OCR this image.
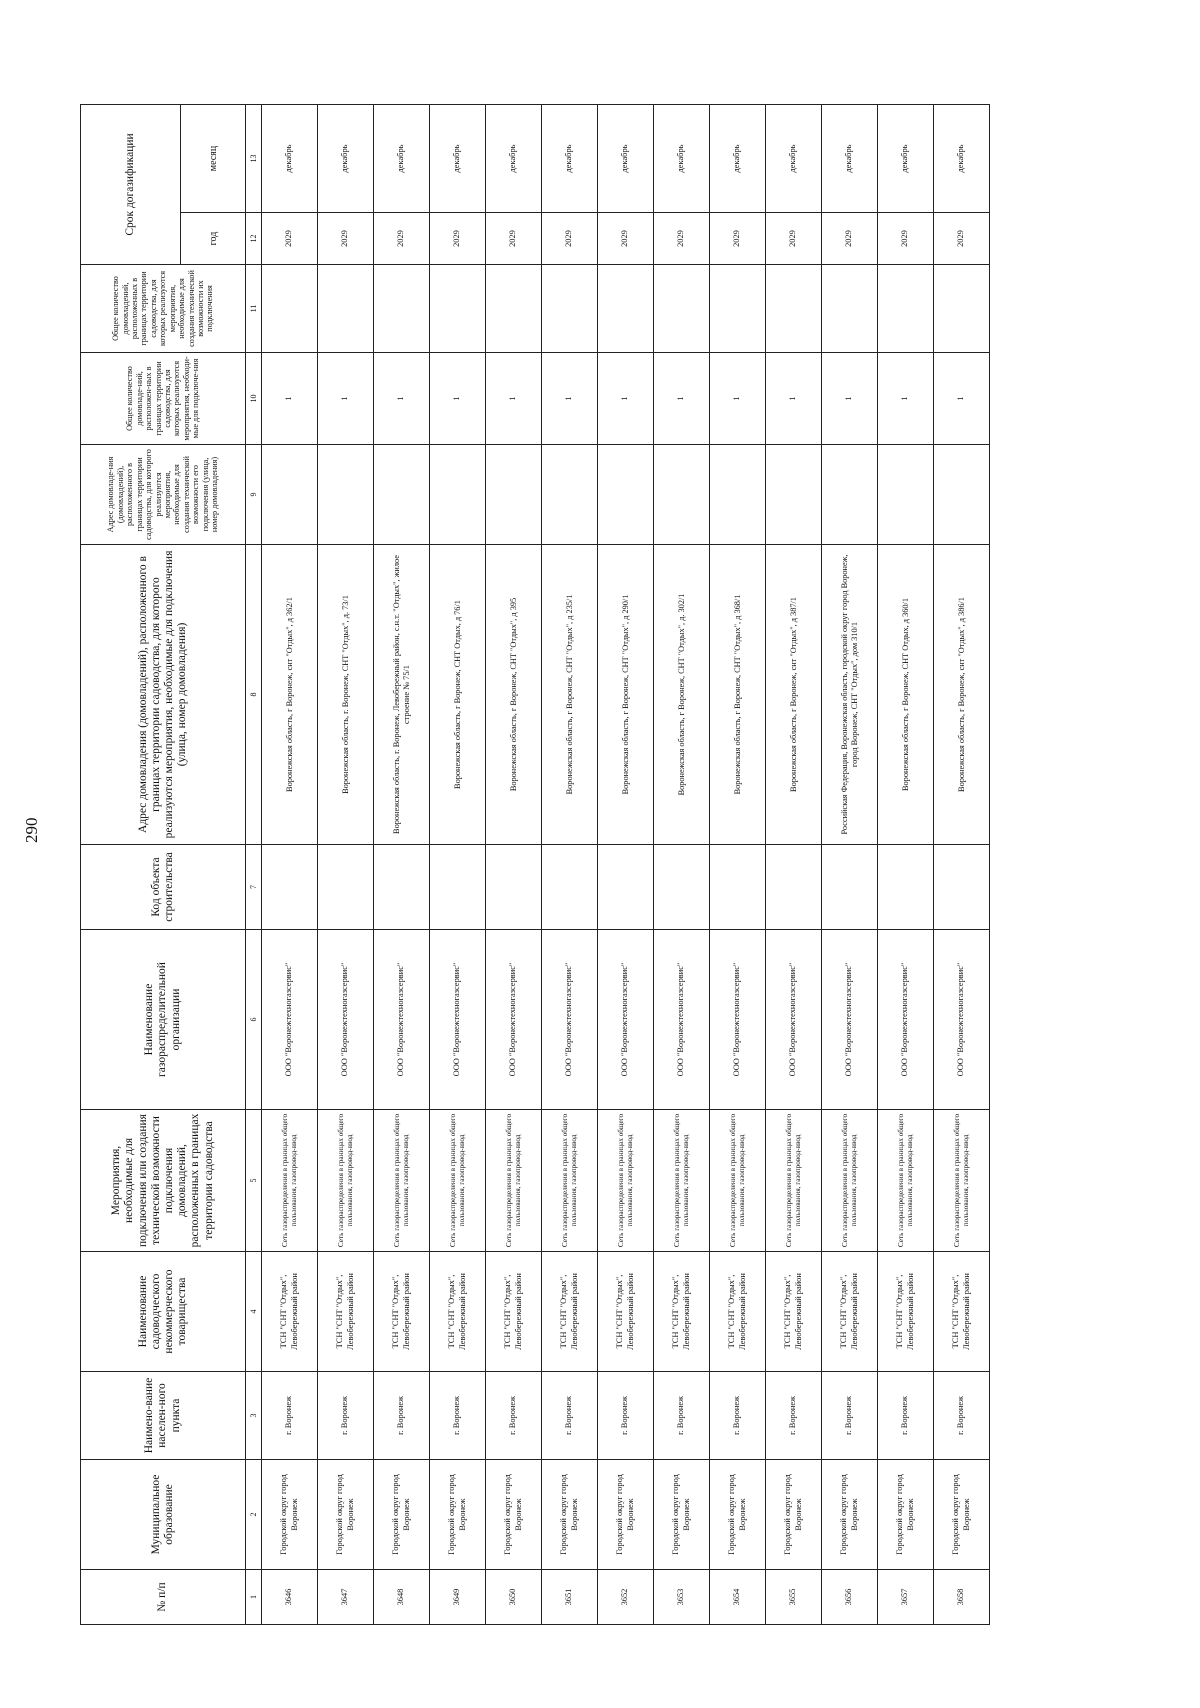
290
№ п/п	Муниципальное образование	Наимено-вание населен-ного пункта	Наименование садоводческого некоммерческого товарищества	Мероприятия, необходимые для подключения или создания технической возможности подключения домовладений, расположенных в границах территории садоводства	Наименование газораспределительной организации	Код объекта строительства	Адрес домовладения (домовладений), расположенного в границах территории садоводства, для которого реализуются мероприятия, необходимые для подключения (улица, номер домовладения)	Адрес домовладе-ния (домовладений), расположенного в границах территории садоводства, для которого реализуются мероприятия, необходимые для создания технической возможности его подключения (улица, номер домовладения)	Общее количество домовладе-ний, расположен-ных в границах территории садоводства, для которых реализуются мероприятия, необходи-мые для подключе-ния	Общее количество домовладений, расположенных в границах территории садоводства, для которых реализуются мероприятия, необходимые для создания технической возможности их подключения	Срок догазификации	
											год	месяц
1	2	3	4	5	6	7	8	9	10	11	12	13
3646	Городской округ город Воронеж	г. Воронеж	ТСН "СНТ "Отдых", Левобережный район	Сеть газораспределения в границах общего пользования, газопровод-ввод	ООО "Воронежтехногазсервис"		Воронежская область, г Воронеж, снт "Отдых", д 362/1		1		2029	декабрь
3647	Городской округ город Воронеж	г. Воронеж	ТСН "СНТ "Отдых", Левобережный район	Сеть газораспределения в границах общего пользования, газопровод-ввод	ООО "Воронежтехногазсервис"		Воронежская область, г. Воронеж, СНТ "Отдых", д. 73/1		1		2029	декабрь
3648	Городской округ город Воронеж	г. Воронеж	ТСН "СНТ "Отдых", Левобережный район	Сеть газораспределения в границах общего пользования, газопровод-ввод	ООО "Воронежтехногазсервис"		Воронежская область, г. Воронеж, Левобережный район, с.н.т. "Отдых", жилое строение № 75/1		1		2029	декабрь
3649	Городской округ город Воронеж	г. Воронеж	ТСН "СНТ "Отдых", Левобережный район	Сеть газораспределения в границах общего пользования, газопровод-ввод	ООО "Воронежтехногазсервис"		Воронежская область, г Воронеж, СНТ Отдых, д 76/1		1		2029	декабрь
3650	Городской округ город Воронеж	г. Воронеж	ТСН "СНТ "Отдых", Левобережный район	Сеть газораспределения в границах общего пользования, газопровод-ввод	ООО "Воронежтехногазсервис"		Воронежская область, г Воронеж, СНТ "Отдых", д 395		1		2029	декабрь
3651	Городской округ город Воронеж	г. Воронеж	ТСН "СНТ "Отдых", Левобережный район	Сеть газораспределения в границах общего пользования, газопровод-ввод	ООО "Воронежтехногазсервис"		Воронежская область, г Воронеж, СНТ "Отдых", д 235/1		1		2029	декабрь
3652	Городской округ город Воронеж	г. Воронеж	ТСН "СНТ "Отдых", Левобережный район	Сеть газораспределения в границах общего пользования, газопровод-ввод	ООО "Воронежтехногазсервис"		Воронежская область, г Воронеж, СНТ "Отдых", д 290/1		1		2029	декабрь
3653	Городской округ город Воронеж	г. Воронеж	ТСН "СНТ "Отдых", Левобережный район	Сеть газораспределения в границах общего пользования, газопровод-ввод	ООО "Воронежтехногазсервис"		Воронежская область, г Воронеж, СНТ "Отдых", д. 302/1		1		2029	декабрь
3654	Городской округ город Воронеж	г. Воронеж	ТСН "СНТ "Отдых", Левобережный район	Сеть газораспределения в границах общего пользования, газопровод-ввод	ООО "Воронежтехногазсервис"		Воронежская область, г Воронеж, СНТ "Отдых", д 368/1		1		2029	декабрь
3655	Городской округ город Воронеж	г. Воронеж	ТСН "СНТ "Отдых", Левобережный район	Сеть газораспределения в границах общего пользования, газопровод-ввод	ООО "Воронежтехногазсервис"		Воронежская область, г Воронеж, снт "Отдых", д 387/1		1		2029	декабрь
3656	Городской округ город Воронеж	г. Воронеж	ТСН "СНТ "Отдых", Левобережный район	Сеть газораспределения в границах общего пользования, газопровод-ввод	ООО "Воронежтехногазсервис"		Российская Федерация, Воронежская область, городской округ город Воронеж, город Воронеж, СНТ "Отдых", дом 310/1		1		2029	декабрь
3657	Городской округ город Воронеж	г. Воронеж	ТСН "СНТ "Отдых", Левобережный район	Сеть газораспределения в границах общего пользования, газопровод-ввод	ООО "Воронежтехногазсервис"		Воронежская область, г Воронеж, СНТ Отдых, д 360/1		1		2029	декабрь
3658	Городской округ город Воронеж	г. Воронеж	ТСН "СНТ "Отдых", Левобережный район	Сеть газораспределения в границах общего пользования, газопровод-ввод	ООО "Воронежтехногазсервис"		Воронежская область, г Воронеж, снт "Отдых", д 386/1		1		2029	декабрь
